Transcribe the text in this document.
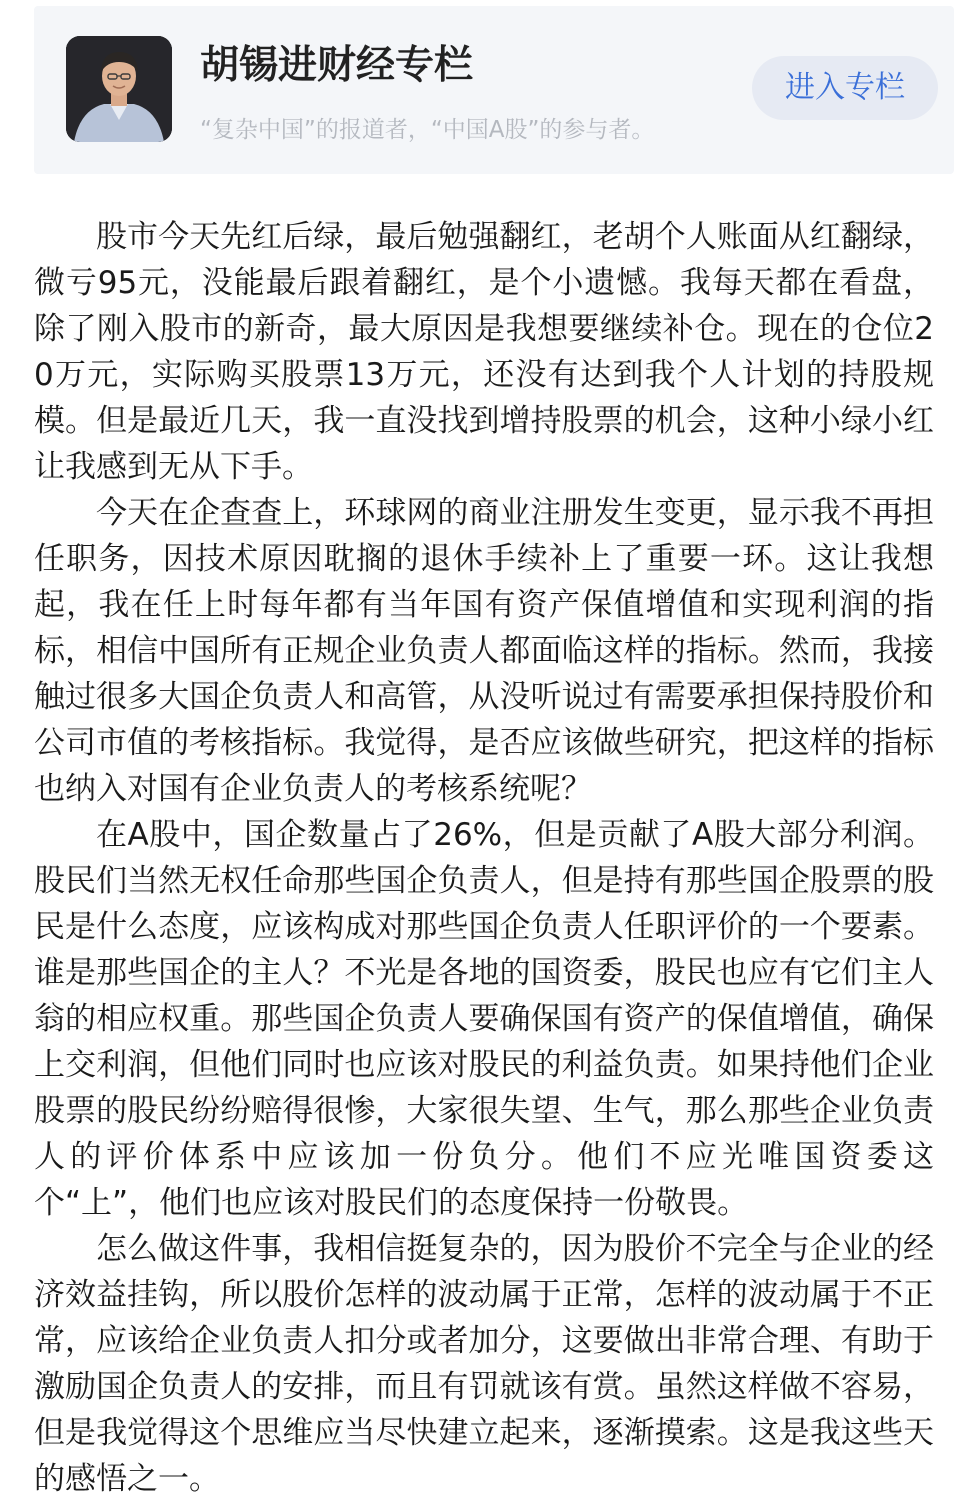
胡锡进财经专栏
“复杂中国”的报道者，“中国A股”的参与者。
进入专栏

股市今天先红后绿，最后勉强翻红，老胡个人账面从红翻绿，微亏95元，没能最后跟着翻红，是个小遗憾。我每天都在看盘，除了刚入股市的新奇，最大原因是我想要继续补仓。现在的仓位20万元，实际购买股票13万元，还没有达到我个人计划的持股规模。但是最近几天，我一直没找到增持股票的机会，这种小绿小红让我感到无从下手。

今天在企查查上，环球网的商业注册发生变更，显示我不再担任职务，因技术原因耽搁的退休手续补上了重要一环。这让我想起，我在任上时每年都有当年国有资产保值增值和实现利润的指标，相信中国所有正规企业负责人都面临这样的指标。然而，我接触过很多大国企负责人和高管，从没听说过有需要承担保持股价和公司市值的考核指标。我觉得，是否应该做些研究，把这样的指标也纳入对国有企业负责人的考核系统呢？

在A股中，国企数量占了26%，但是贡献了A股大部分利润。股民们当然无权任命那些国企负责人，但是持有那些国企股票的股民是什么态度，应该构成对那些国企负责人任职评价的一个要素。谁是那些国企的主人？不光是各地的国资委，股民也应有它们主人翁的相应权重。那些国企负责人要确保国有资产的保值增值，确保上交利润，但他们同时也应该对股民的利益负责。如果持他们企业股票的股民纷纷赔得很惨，大家很失望、生气，那么那些企业负责人的评价体系中应该加一份负分。他们不应光唯国资委这个“上”，他们也应该对股民们的态度保持一份敬畏。

怎么做这件事，我相信挺复杂的，因为股价不完全与企业的经济效益挂钩，所以股价怎样的波动属于正常，怎样的波动属于不正常，应该给企业负责人扣分或者加分，这要做出非常合理、有助于激励国企负责人的安排，而且有罚就该有赏。虽然这样做不容易，但是我觉得这个思维应当尽快建立起来，逐渐摸索。这是我这些天的感悟之一。
